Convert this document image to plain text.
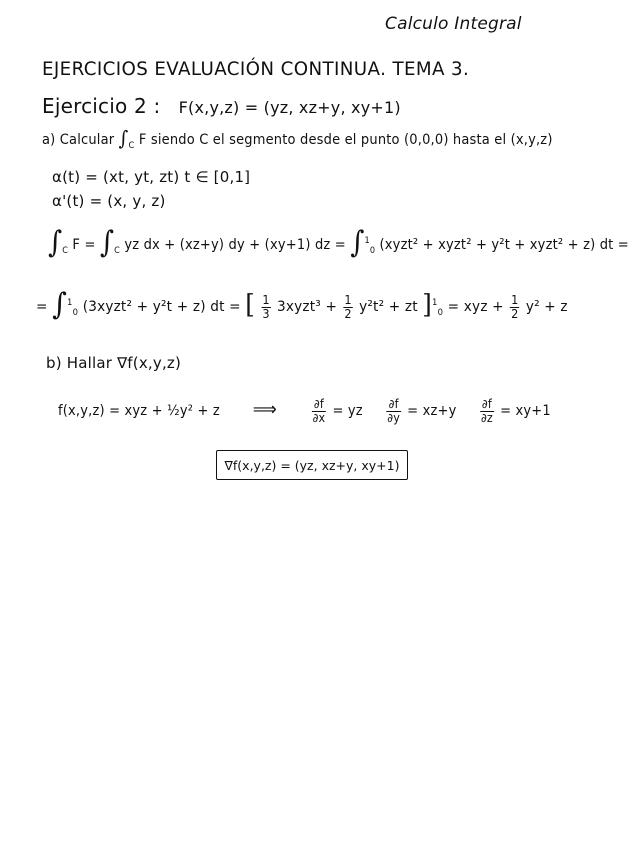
Calculo Integral
EJERCICIOS EVALUACIÓN CONTINUA. TEMA 3.
Ejercicio 2 : F(x,y,z) = (yz, xz+y, xy+1)
a) Calcular $\int_C$ F siendo C el segmento desde el punto (0,0,0) hasta el (x,y,z)
α(t) = (xt, yt, zt) t ∈ [0,1]
α'(t) = (x, y, z)
$\int_C$ $F = \int_C$ yz dx + (xz+y) dy + (xy+1) dz = ∫$^1_0$ (xyzt² + xyzt² + y²t + xyzt² + z) dt =
= ∫$^1_0$ (3xyzt² + y²t + z) dt = [ $\frac{1}{3}$ 3xyzt³ + $\frac{1}{2} y^2t^2$ + zt ]$^1_0$ = xyz + $\frac{1}{2} y^2 + z$
b) Hallar ∇f(x,y,z)
f(x,y,z) = xyz + ½y² + z ⟹	$\frac{\partial f}{\partial x}$ = yz $\frac{\partial f}{\partial y} = xz+y \frac{\partial f}{\partial z} = xy+1$
∇f(x,y,z) = (yz, xz+y, xy+1)
